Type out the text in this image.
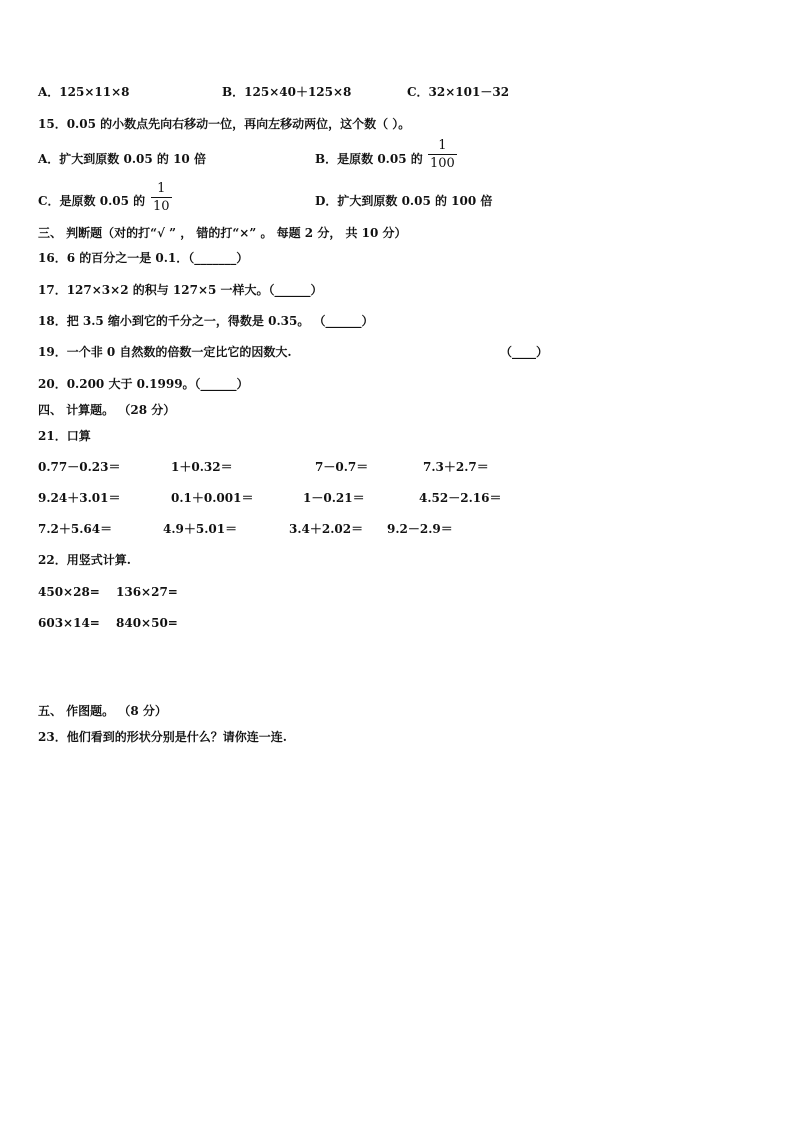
A．125×11×8	B．125×40＋125×8	C．32×101－32
15．0.05 的小数点先向右移动一位，再向左移动两位，这个数（ ）。
A．扩大到原数 0.05 的 10 倍	B．是原数 0.05 的
1
100
C．是原数 0.05 的
1
10	D．扩大到原数 0.05 的 100 倍
三、 判断题（对的打“√ ” ， 错的打“×” 。 每题 2 分， 共 10 分）
16．6 的百分之一是 0.1．（_______）
17．127×3×2 的积与 127×5 一样大。（______）
18．把 3.5 缩小到它的千分之一，得数是 0.35。 （______）
19．一个非 0 自然数的倍数一定比它的因数大.	（____）
20．0.200 大于 0.1999。（______）
四、 计算题。 （28 分）
21．口算
0.77－0.23＝	1＋0.32＝	7－0.7＝	7.3＋2.7＝
9.24＋3.01＝	0.1＋0.001＝	1－0.21＝	4.52－2.16＝
7.2＋5.64＝	4.9＋5.01＝	3.4＋2.02＝ 9.2－2.9＝
22．用竖式计算.
450×28= 136×27=
603×14= 840×50=
五、 作图题。 （8 分）
23．他们看到的形状分别是什么？请你连一连.
